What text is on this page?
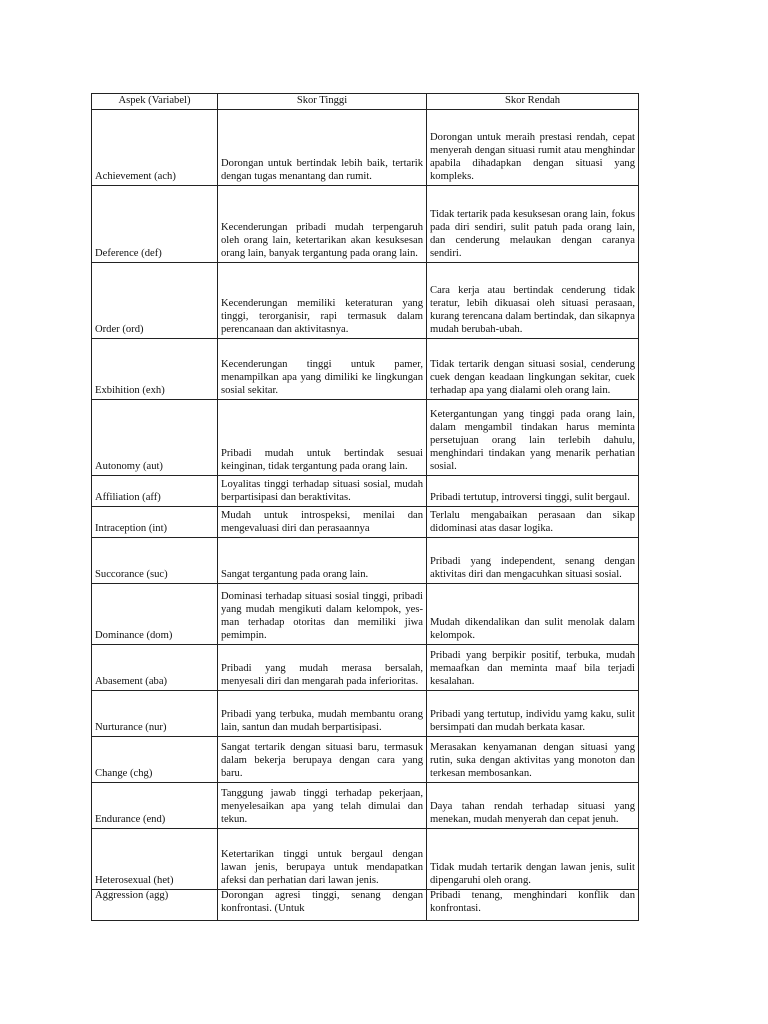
Aspek (Variabel)	Skor Tinggi	Skor Rendah
Achievement (ach)	Dorongan untuk bertindak lebih baik, tertarik dengan tugas menantang dan rumit.	Dorongan untuk meraih prestasi rendah, cepat menyerah dengan situasi rumit atau menghindar apabila dihadapkan dengan situasi yang kompleks.
Deference (def)	Kecenderungan pribadi mudah terpengaruh oleh orang lain, ketertarikan akan kesuksesan orang lain, banyak tergantung pada orang lain.	Tidak tertarik pada kesuksesan orang lain, fokus pada diri sendiri, sulit patuh pada orang lain, dan cenderung melaukan dengan caranya sendiri.
Order (ord)	Kecenderungan memiliki keteraturan yang tinggi, terorganisir, rapi termasuk dalam perencanaan dan aktivitasnya.	Cara kerja atau bertindak cenderung tidak teratur, lebih dikuasai oleh situasi perasaan, kurang terencana dalam bertindak, dan sikapnya mudah berubah-ubah.
Exbihition (exh)	Kecenderungan tinggi untuk pamer, menampilkan apa yang dimiliki ke lingkungan sosial sekitar.	Tidak tertarik dengan situasi sosial, cenderung cuek dengan keadaan lingkungan sekitar, cuek terhadap apa yang dialami oleh orang lain.
Autonomy (aut)	Pribadi mudah untuk bertindak sesuai keinginan, tidak tergantung pada orang lain.	Ketergantungan yang tinggi pada orang lain, dalam mengambil tindakan harus meminta persetujuan orang lain terlebih dahulu, menghindari tindakan yang menarik perhatian sosial.
Affiliation (aff)	Loyalitas tinggi terhadap situasi sosial, mudah berpartisipasi dan beraktivitas.	Pribadi tertutup, introversi tinggi, sulit bergaul.
Intraception (int)	Mudah untuk introspeksi, menilai dan mengevaluasi diri dan perasaannya	Terlalu mengabaikan perasaan dan sikap didominasi atas dasar logika.
Succorance (suc)	Sangat tergantung pada orang lain.	Pribadi yang independent, senang dengan aktivitas diri dan mengacuhkan situasi sosial.
Dominance (dom)	Dominasi terhadap situasi sosial tinggi, pribadi yang mudah mengikuti dalam kelompok, yes-man terhadap otoritas dan memiliki jiwa pemimpin.	Mudah dikendalikan dan sulit menolak dalam kelompok.
Abasement (aba)	Pribadi yang mudah merasa bersalah, menyesali diri dan mengarah pada inferioritas.	Pribadi yang berpikir positif, terbuka, mudah memaafkan dan meminta maaf bila terjadi kesalahan.
Nurturance (nur)	Pribadi yang terbuka, mudah membantu orang lain, santun dan mudah berpartisipasi.	Pribadi yang tertutup, individu yamg kaku, sulit bersimpati dan mudah berkata kasar.
Change (chg)	Sangat tertarik dengan situasi baru, termasuk dalam bekerja berupaya dengan cara yang baru.	Merasakan kenyamanan dengan situasi yang rutin, suka dengan aktivitas yang monoton dan terkesan membosankan.
Endurance (end)	Tanggung jawab tinggi terhadap pekerjaan, menyelesaikan apa yang telah dimulai dan tekun.	Daya tahan rendah terhadap situasi yang menekan, mudah menyerah dan cepat jenuh.
Heterosexual (het)	Ketertarikan tinggi untuk bergaul dengan lawan jenis, berupaya untuk mendapatkan afeksi dan perhatian dari lawan jenis.	Tidak mudah tertarik dengan lawan jenis, sulit dipengaruhi oleh orang.
Aggression (agg)	Dorongan agresi tinggi, senang dengan konfrontasi. (Untuk	Pribadi tenang, menghindari konflik dan konfrontasi.
